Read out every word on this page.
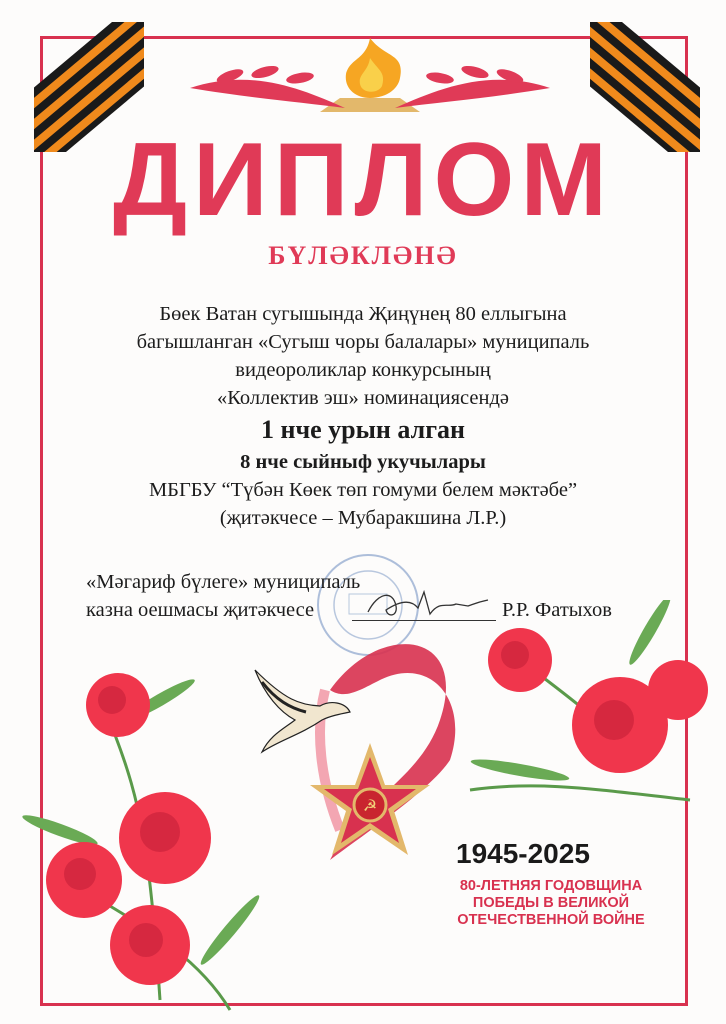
ДИПЛОМ
БҮЛӘКЛӘНӘ
Бөек Ватан сугышында Җиңүнең 80 еллыгына
багышланган «Сугыш чоры балалары» муниципаль
видеороликлар конкурсының
«Коллектив эш» номинациясендә
1 нче урын алган
8 нче сыйныф укучылары
МБГБУ “Түбән Көек төп гомуми белем мәктәбе”
(җитәкчесе – Мубаракшина Л.Р.)
«Мәгариф бүлеге» муниципаль
казна оешмасы җитәкчесе	Р.Р. Фатыхов
☭
1945-2025
80-ЛЕТНЯЯ ГОДОВЩИНА
ПОБЕДЫ В ВЕЛИКОЙ
ОТЕЧЕСТВЕННОЙ ВОЙНЕ
